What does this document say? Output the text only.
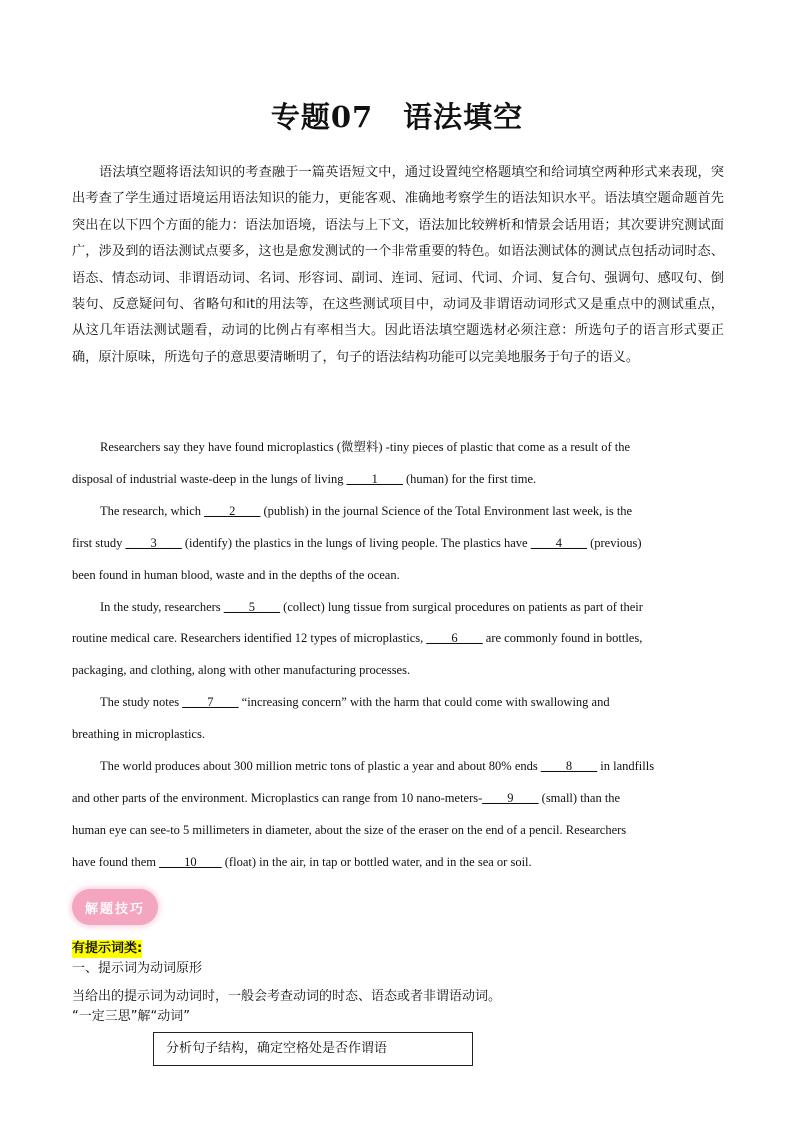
专题07 语法填空

语法填空题将语法知识的考查融于一篇英语短文中，通过设置纯空格题填空和给词填空两种形式来表现，突出考查了学生通过语境运用语法知识的能力，更能客观、准确地考察学生的语法知识水平。语法填空题命题首先突出在以下四个方面的能力：语法加语境，语法与上下文，语法加比较辨析和情景会话用语；其次要讲究测试面广，涉及到的语法测试点要多，这也是愈发测试的一个非常重要的特色。如语法测试体的测试点包括动词时态、语态、情态动词、非谓语动词、名词、形容词、副词、连词、冠词、代词、介词、复合句、强调句、感叹句、倒装句、反意疑问句、省略句和it的用法等，在这些测试项目中，动词及非谓语动词形式又是重点中的测试重点，从这几年语法测试题看，动词的比例占有率相当大。因此语法填空题选材必须注意：所选句子的语言形式要正确，原汁原味，所选句子的意思要清晰明了，句子的语法结构功能可以完美地服务于句子的语义。

Researchers say they have found microplastics (微塑料) -tiny pieces of plastic that come as a result of the

disposal of industrial waste-deep in the lungs of living ____1____ (human) for the first time.

The research, which ____2____ (publish) in the journal Science of the Total Environment last week, is the

first study ____3____ (identify) the plastics in the lungs of living people. The plastics have ____4____ (previous)

been found in human blood, waste and in the depths of the ocean.

In the study, researchers ____5____ (collect) lung tissue from surgical procedures on patients as part of their

routine medical care. Researchers identified 12 types of microplastics, ____6____ are commonly found in bottles,

packaging, and clothing, along with other manufacturing processes.

The study notes ____7____ “increasing concern” with the harm that could come with swallowing and

breathing in microplastics.

The world produces about 300 million metric tons of plastic a year and about 80% ends ____8____ in landfills

and other parts of the environment. Microplastics can range from 10 nano-meters-____9____ (small) than the

human eye can see-to 5 millimeters in diameter, about the size of the eraser on the end of a pencil. Researchers

have found them ____10____ (float) in the air, in tap or bottled water, and in the sea or soil.

解题技巧
有提示词类:

一、提示词为动词原形

当给出的提示词为动词时，一般会考查动词的时态、语态或者非谓语动词。

“一定三思”解“动词”

分析句子结构，确定空格处是否作谓语
